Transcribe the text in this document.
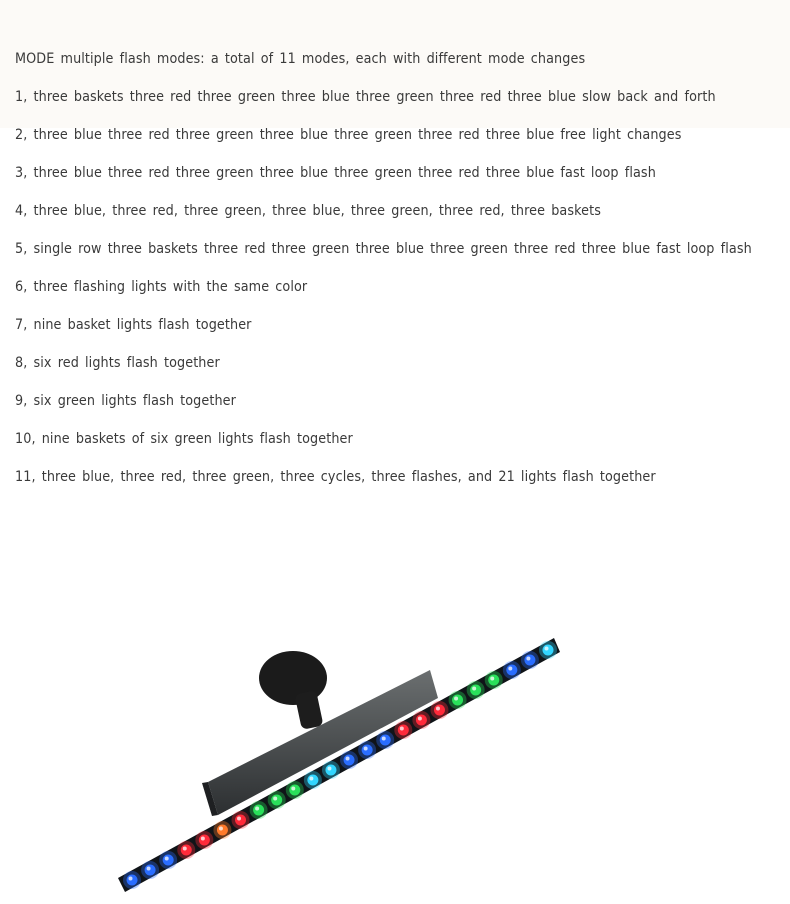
MODE multiple flash modes: a total of 11 modes, each with different mode changes
1, three baskets three red three green three blue three green three red three blue slow back and forth
2, three blue three red three green three blue three green three red three blue free light changes
3, three blue three red three green three blue three green three red three blue fast loop flash
4, three blue, three red, three green, three blue, three green, three red, three baskets
5, single row three baskets three red three green three blue three green three red three blue fast loop flash
6, three flashing lights with the same color
7, nine basket lights flash together
8, six red lights flash together
9, six green lights flash together
10, nine baskets of six green lights flash together
11, three blue, three red, three green, three cycles, three flashes, and 21 lights flash together
